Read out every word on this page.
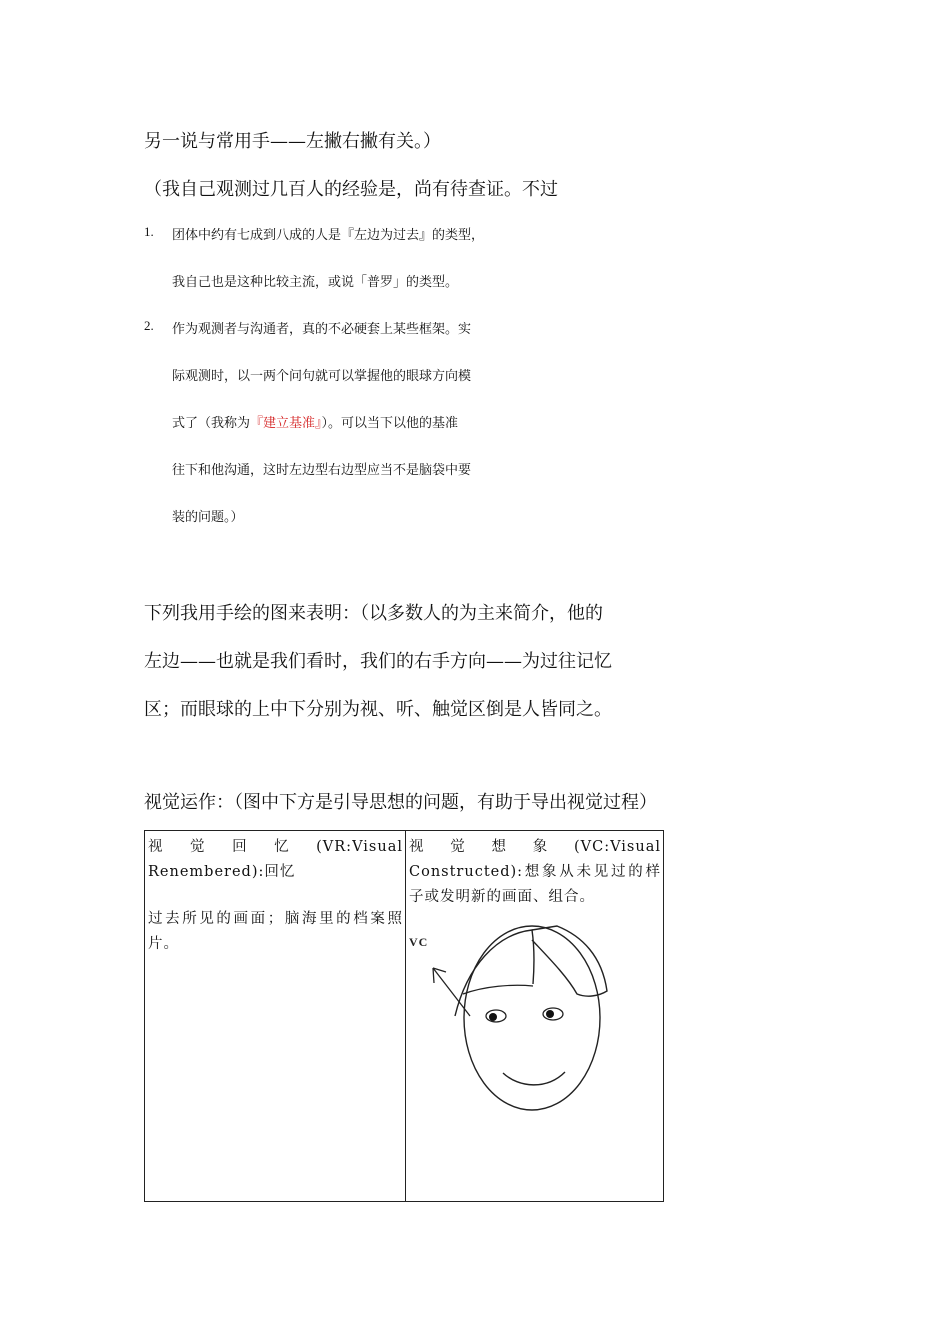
另一说与常用手——左撇右撇有关。）
（我自己观测过几百人的经验是，尚有待查证。不过
1. 团体中约有七成到八成的人是『左边为过去』的类型，
我自己也是这种比较主流，或说「普罗」的类型。
2. 作为观测者与沟通者，真的不必硬套上某些框架。实
际观测时，以一两个问句就可以掌握他的眼球方向模
式了（我称为『建立基准』）。可以当下以他的基准
往下和他沟通，这时左边型右边型应当不是脑袋中要
装的问题。）
下列我用手绘的图来表明：（以多数人的为主来简介，他的
左边——也就是我们看时，我们的右手方向——为过往记忆
区；而眼球的上中下分别为视、听、触觉区倒是人皆同之。
视觉运作：（图中下方是引导思想的问题，有助于导出视觉过程）

视觉回忆(VR:Visual Renembered):回忆

过去所见的画面；脑海里的档案照片。

视觉想象(VC:Visual Constructed):想象从未见过的样子或发明新的画面、组合。

VC
